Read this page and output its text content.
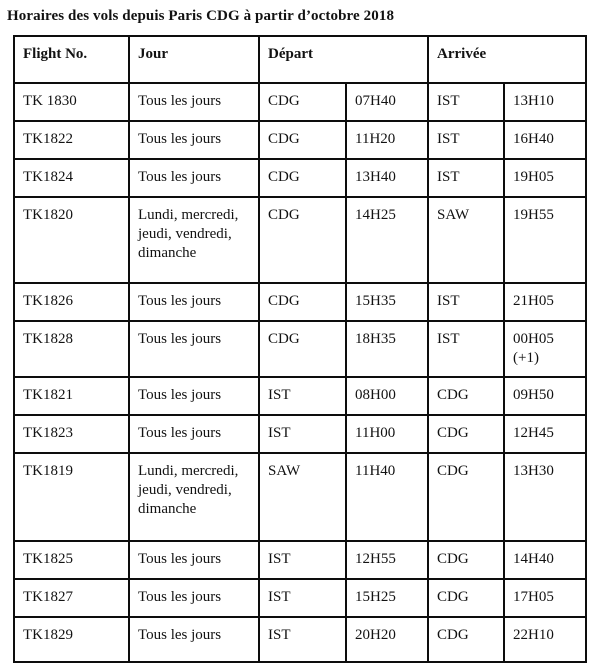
Horaires des vols depuis Paris CDG à partir d’octobre 2018
Flight No.	Jour	Départ		Arrivée	
TK 1830	Tous les jours	CDG	07H40	IST	13H10
TK1822	Tous les jours	CDG	11H20	IST	16H40
TK1824	Tous les jours	CDG	13H40	IST	19H05
TK1820	Lundi, mercredi, jeudi, vendredi, dimanche	CDG	14H25	SAW	19H55
TK1826	Tous les jours	CDG	15H35	IST	21H05
TK1828	Tous les jours	CDG	18H35	IST	00H05 (+1)
TK1821	Tous les jours	IST	08H00	CDG	09H50
TK1823	Tous les jours	IST	11H00	CDG	12H45
TK1819	Lundi, mercredi, jeudi, vendredi, dimanche	SAW	11H40	CDG	13H30
TK1825	Tous les jours	IST	12H55	CDG	14H40
TK1827	Tous les jours	IST	15H25	CDG	17H05
TK1829	Tous les jours	IST	20H20	CDG	22H10
